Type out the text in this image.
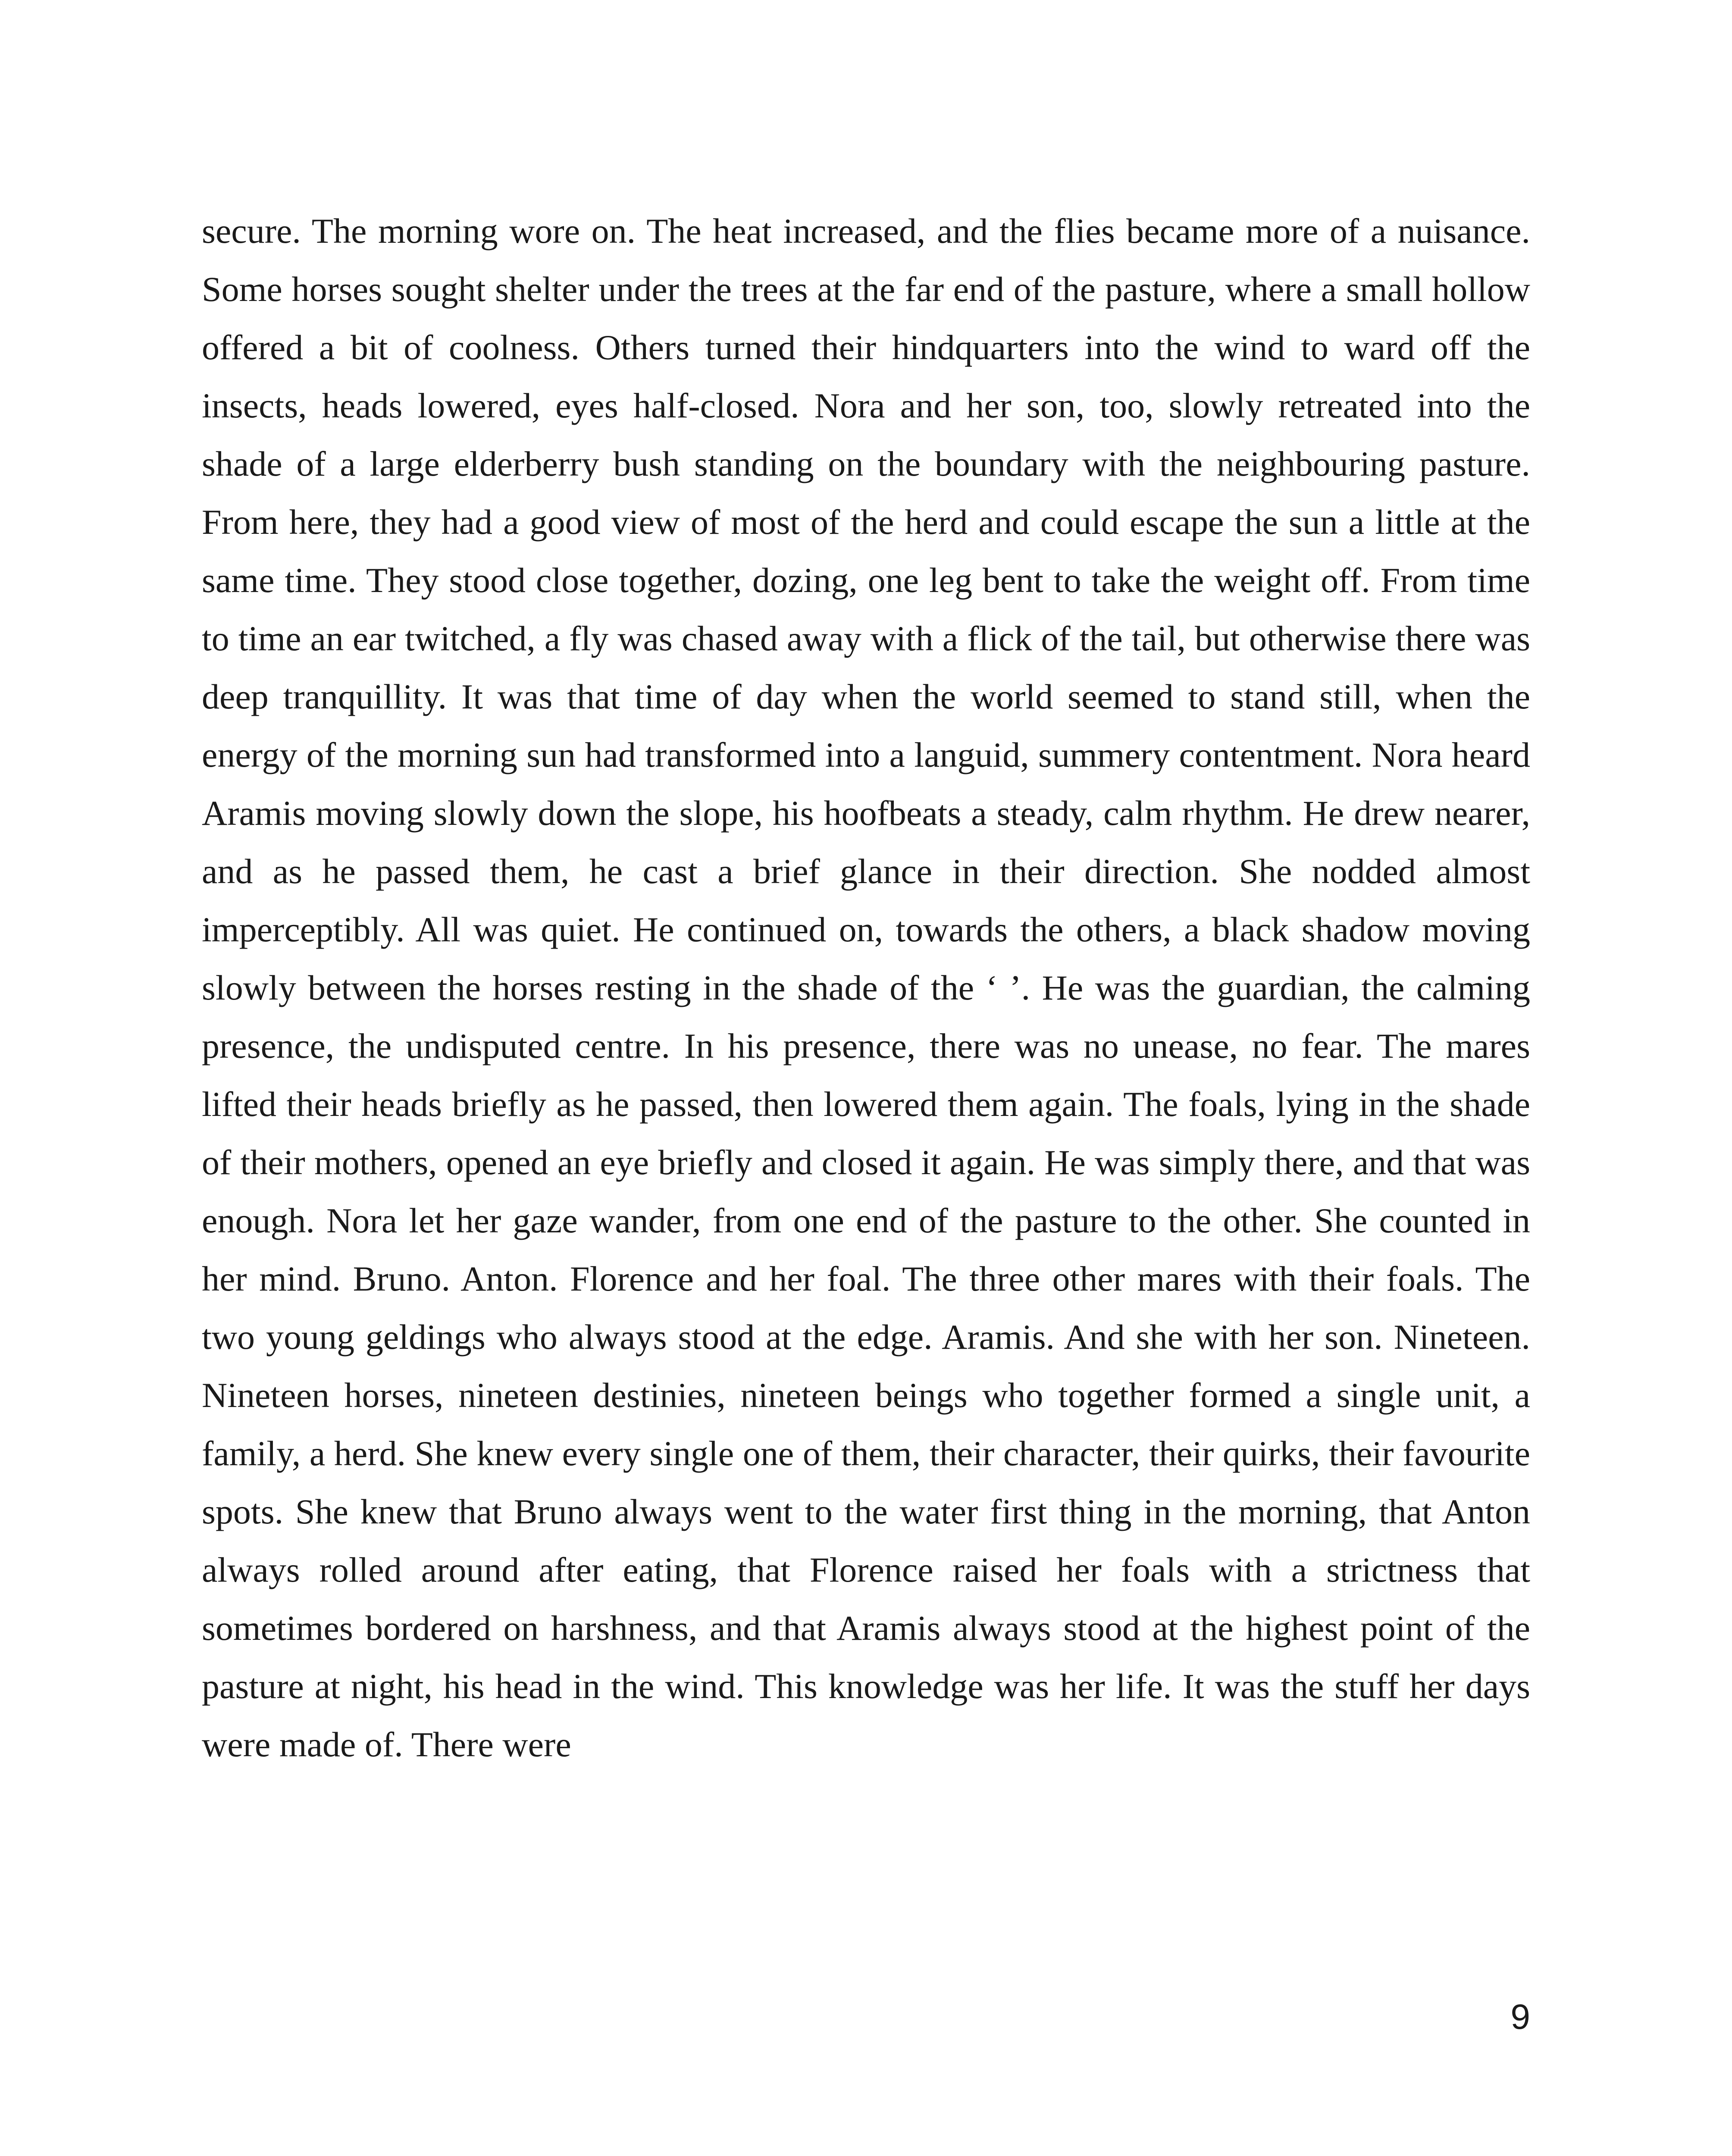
secure. The morning wore on. The heat increased, and the flies became more of a nuisance. Some horses sought shelter under the trees at the far end of the pasture, where a small hollow offered a bit of coolness. Others turned their hindquarters into the wind to ward off the insects, heads lowered, eyes half-closed. Nora and her son, too, slowly retreated into the shade of a large elderberry bush standing on the boundary with the neighbouring pasture. From here, they had a good view of most of the herd and could escape the sun a little at the same time. They stood close together, dozing, one leg bent to take the weight off. From time to time an ear twitched, a fly was chased away with a flick of the tail, but otherwise there was deep tranquillity. It was that time of day when the world seemed to stand still, when the energy of the morning sun had transformed into a languid, summery contentment. Nora heard Aramis moving slowly down the slope, his hoofbeats a steady, calm rhythm. He drew nearer, and as he passed them, he cast a brief glance in their direction. She nodded almost imperceptibly. All was quiet. He continued on, towards the others, a black shadow moving slowly between the horses resting in the shade of the ‘ ’. He was the guardian, the calming presence, the undisputed centre. In his presence, there was no unease, no fear. The mares lifted their heads briefly as he passed, then lowered them again. The foals, lying in the shade of their mothers, opened an eye briefly and closed it again. He was simply there, and that was enough. Nora let her gaze wander, from one end of the pasture to the other. She counted in her mind. Bruno. Anton. Florence and her foal. The three other mares with their foals. The two young geldings who always stood at the edge. Aramis. And she with her son. Nineteen. Nineteen horses, nineteen destinies, nineteen beings who together formed a single unit, a family, a herd. She knew every single one of them, their character, their quirks, their favourite spots. She knew that Bruno always went to the water first thing in the morning, that Anton always rolled around after eating, that Florence raised her foals with a strictness that sometimes bordered on harshness, and that Aramis always stood at the highest point of the pasture at night, his head in the wind. This knowledge was her life. It was the stuff her days were made of. There were

9
